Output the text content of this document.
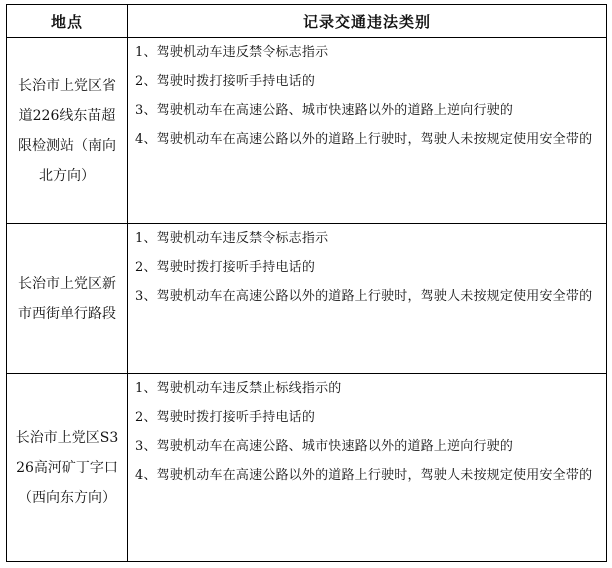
地点	记录交通违法类别
长治市上党区省道226线东苗超限检测站（南向北方向）	1、驾驶机动车违反禁令标志指示
2、驾驶时拨打接听手持电话的
3、驾驶机动车在高速公路、城市快速路以外的道路上逆向行驶的
4、驾驶机动车在高速公路以外的道路上行驶时，驾驶人未按规定使用安全带的

长治市上党区新市西街单行路段	1、驾驶机动车违反禁令标志指示
2、驾驶时拨打接听手持电话的
3、驾驶机动车在高速公路以外的道路上行驶时，驾驶人未按规定使用安全带的

长治市上党区S326高河矿丁字口（西向东方向）	1、驾驶机动车违反禁止标线指示的
2、驾驶时拨打接听手持电话的
3、驾驶机动车在高速公路、城市快速路以外的道路上逆向行驶的
4、驾驶机动车在高速公路以外的道路上行驶时，驾驶人未按规定使用安全带的
